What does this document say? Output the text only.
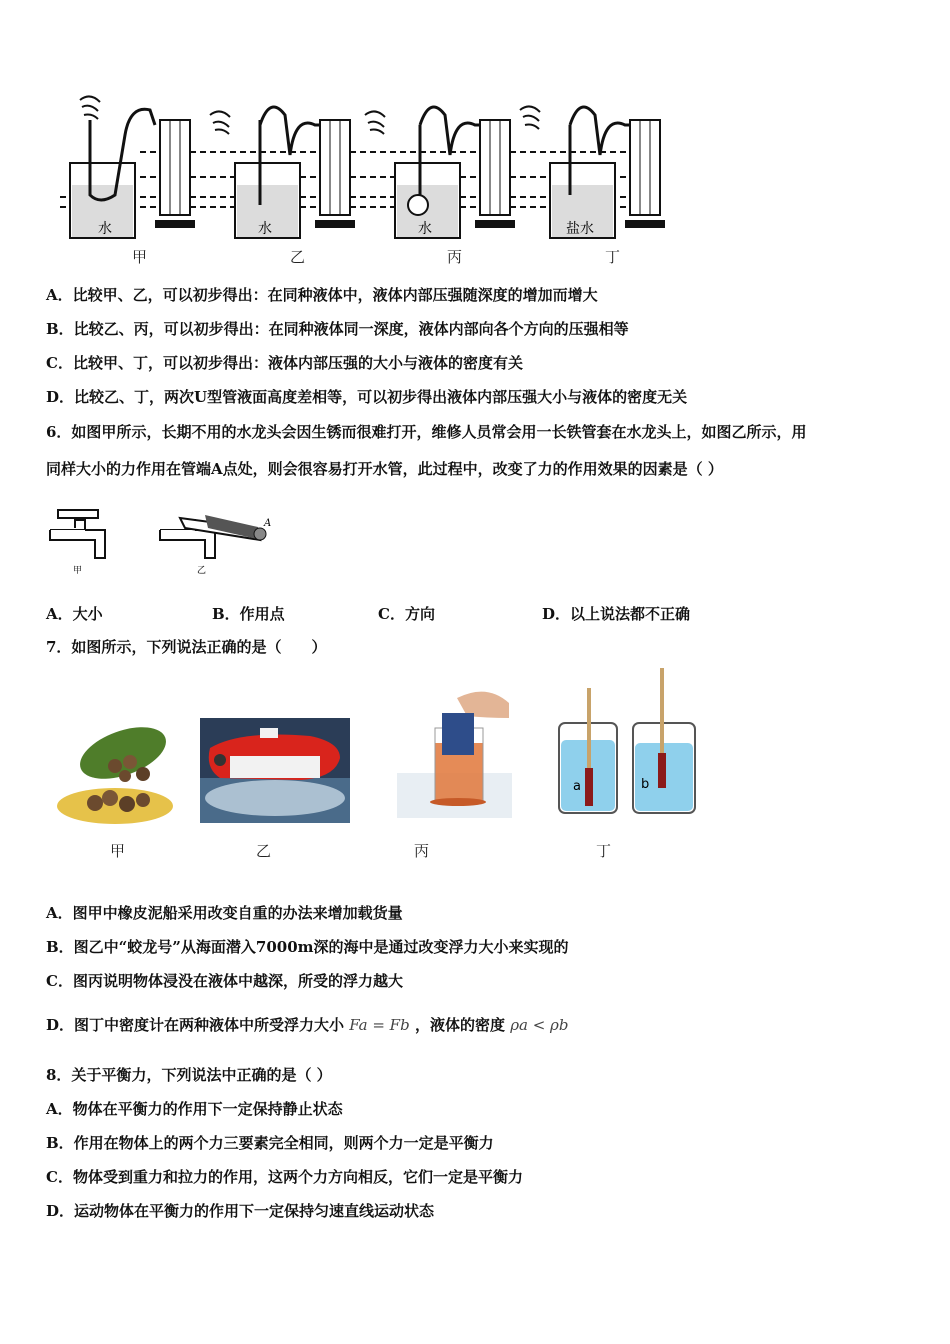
水	水	水	盐水
甲	乙	丙	丁
A．比较甲、乙，可以初步得出：在同种液体中，液体内部压强随深度的增加而增大
B．比较乙、丙，可以初步得出：在同种液体同一深度，液体内部向各个方向的压强相等
C．比较甲、丁，可以初步得出：液体内部压强的大小与液体的密度有关
D．比较乙、丁，两次U型管液面高度差相等，可以初步得出液体内部压强大小与液体的密度无关
6．如图甲所示，长期不用的水龙头会因生锈而很难打开，维修人员常会用一长铁管套在水龙头上，如图乙所示，用
同样大小的力作用在管端A点处，则会很容易打开水管，此过程中，改变了力的作用效果的因素是（ ）
A
甲	乙
A．大小	B．作用点	C．方向	D．以上说法都不正确
7．如图所示，下列说法正确的是（　　）
a	b
甲	乙	丙	丁
A．图甲中橡皮泥船采用改变自重的办法来增加载货量
B．图乙中“蛟龙号”从海面潜入7000m深的海中是通过改变浮力大小来实现的
C．图丙说明物体浸没在液体中越深，所受的浮力越大
D．图丁中密度计在两种液体中所受浮力大小 Fa = Fb ，液体的密度 ρa < ρb
8．关于平衡力，下列说法中正确的是（ ）
A．物体在平衡力的作用下一定保持静止状态
B．作用在物体上的两个力三要素完全相同，则两个力一定是平衡力
C．物体受到重力和拉力的作用，这两个力方向相反，它们一定是平衡力
D．运动物体在平衡力的作用下一定保持匀速直线运动状态
